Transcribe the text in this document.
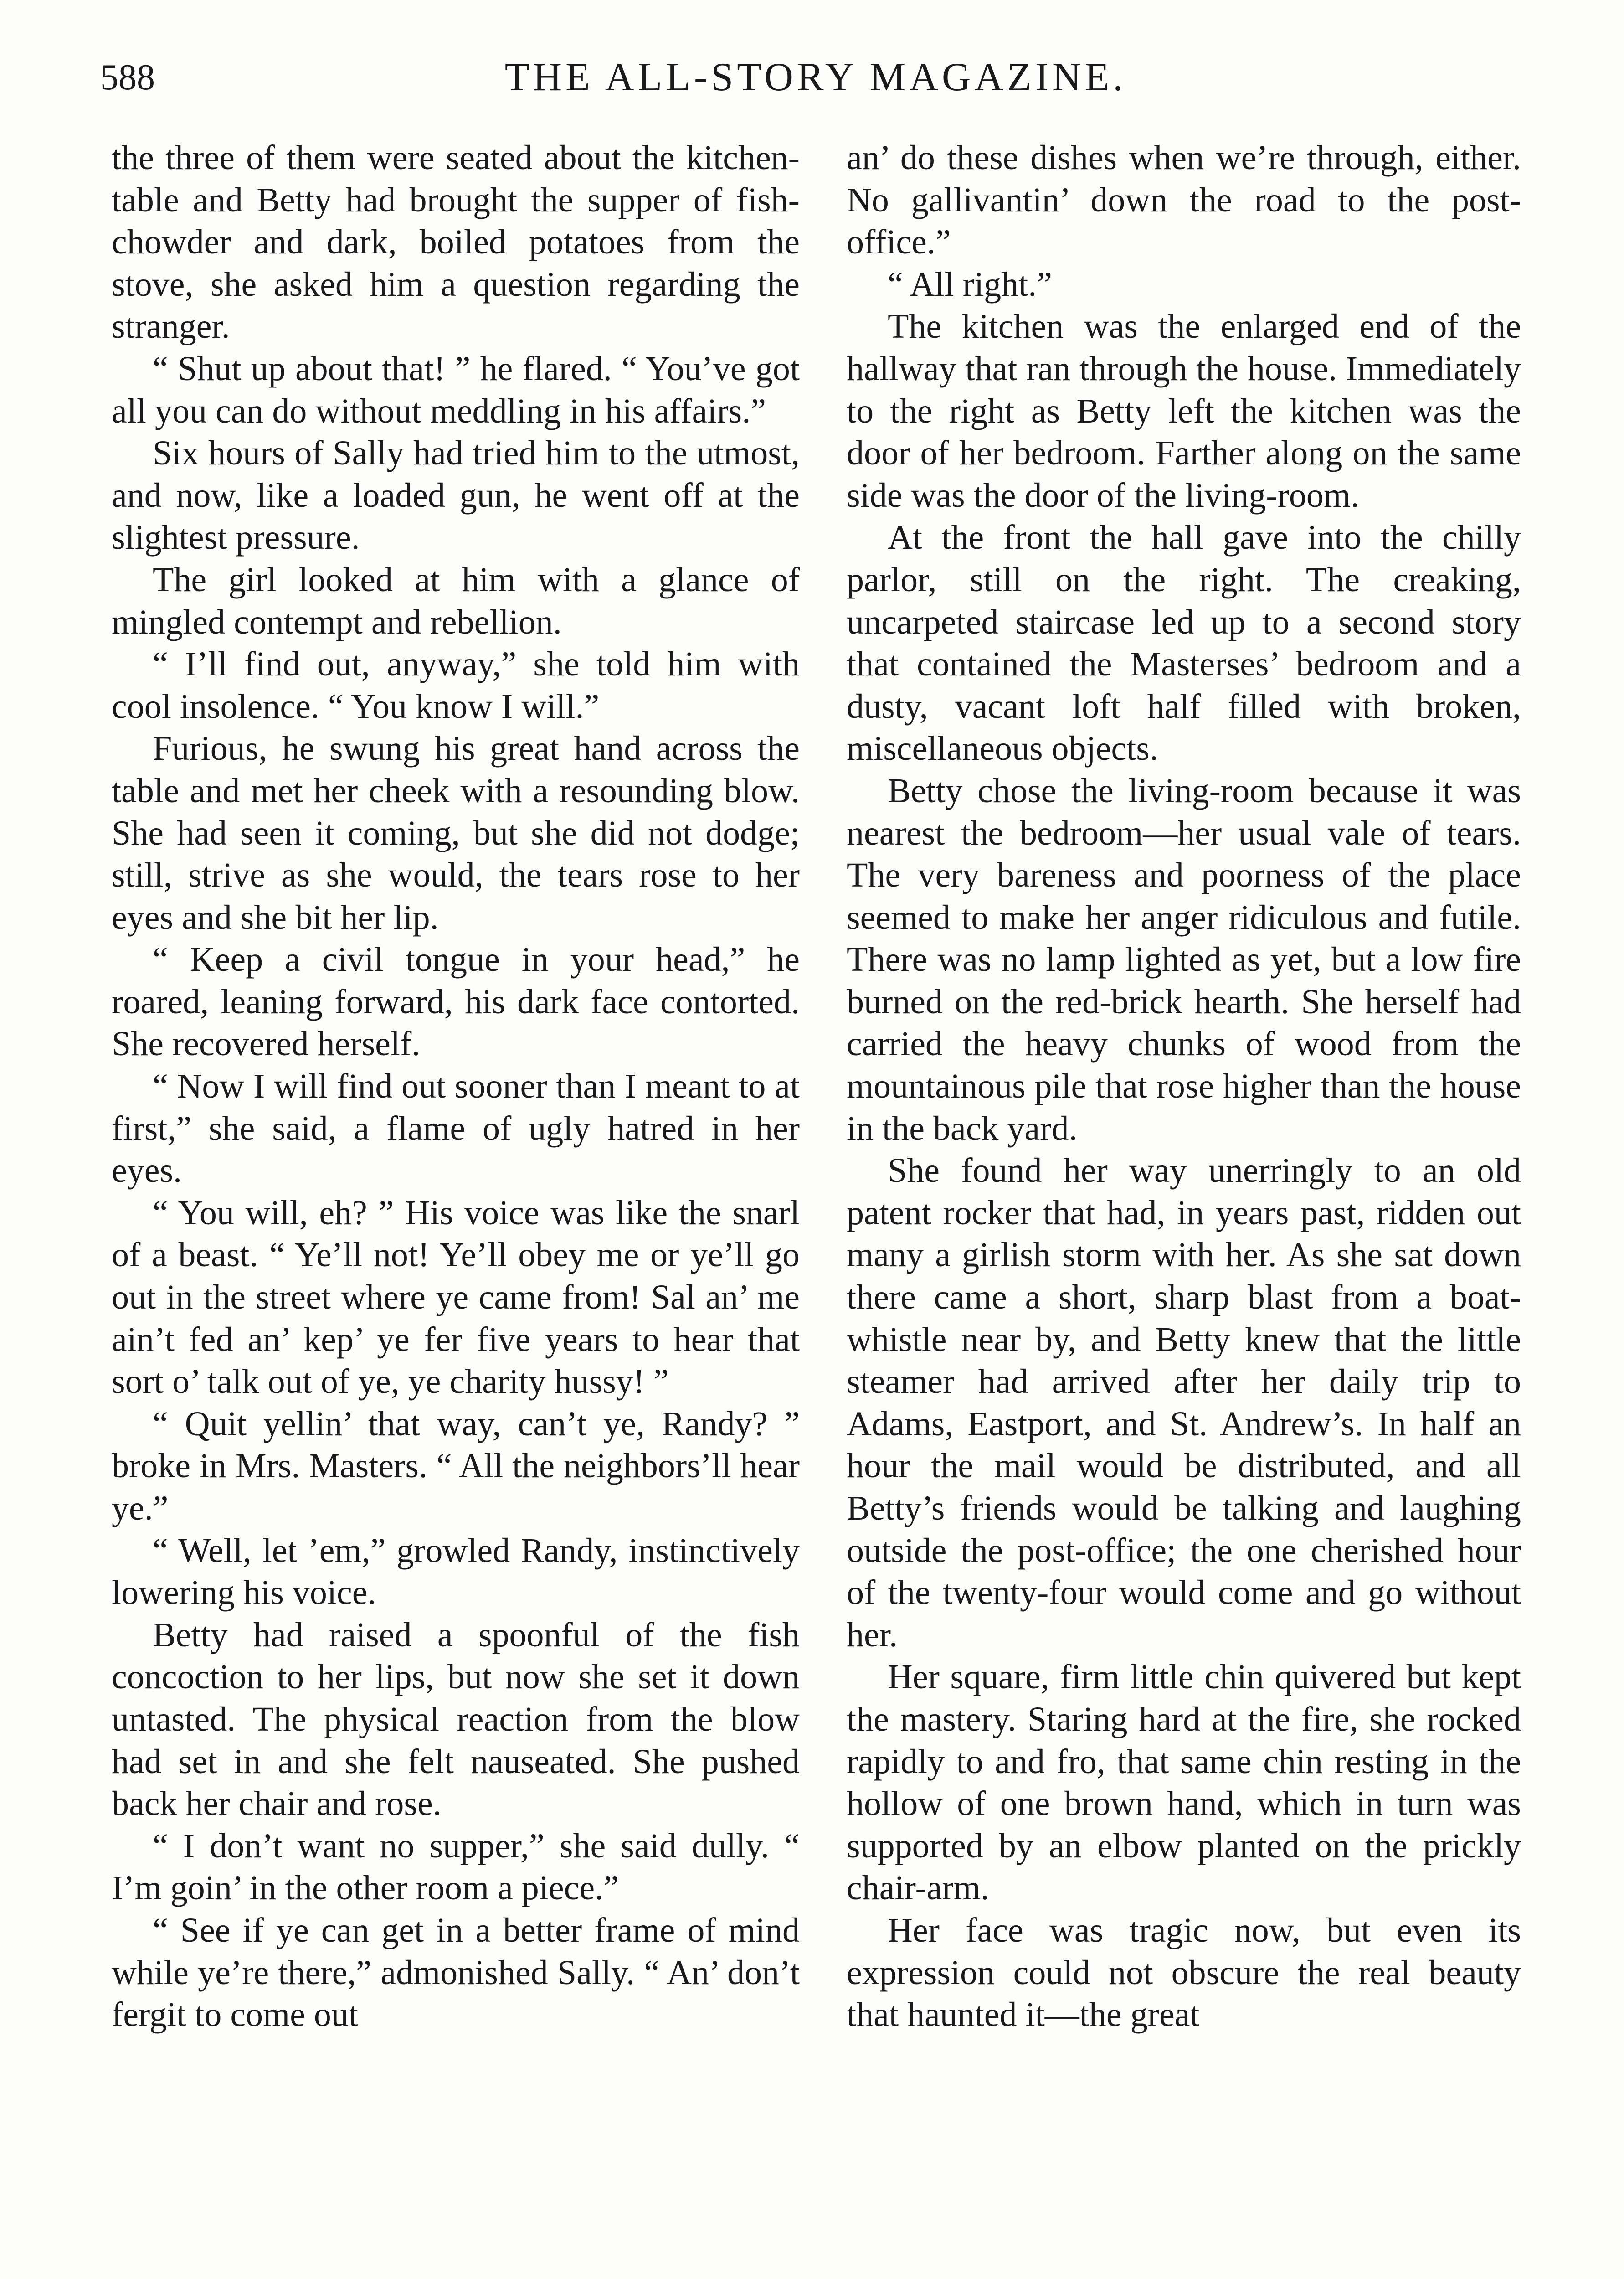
588	THE ALL-STORY MAGAZINE.

the three of them were seated about the kitchen-table and Betty had brought the supper of fish-chowder and dark, boiled potatoes from the stove, she asked him a question regarding the stranger.

“ Shut up about that! ” he flared. “ You’ve got all you can do without meddling in his affairs.”

Six hours of Sally had tried him to the utmost, and now, like a loaded gun, he went off at the slightest pressure.

The girl looked at him with a glance of mingled contempt and rebellion.

“ I’ll find out, anyway,” she told him with cool insolence. “ You know I will.”

Furious, he swung his great hand across the table and met her cheek with a resounding blow. She had seen it coming, but she did not dodge; still, strive as she would, the tears rose to her eyes and she bit her lip.

“ Keep a civil tongue in your head,” he roared, leaning forward, his dark face contorted. She recovered herself.

“ Now I will find out sooner than I meant to at first,” she said, a flame of ugly hatred in her eyes.

“ You will, eh? ” His voice was like the snarl of a beast. “ Ye’ll not! Ye’ll obey me or ye’ll go out in the street where ye came from! Sal an’ me ain’t fed an’ kep’ ye fer five years to hear that sort o’ talk out of ye, ye charity hussy! ”

“ Quit yellin’ that way, can’t ye, Randy? ” broke in Mrs. Masters. “ All the neighbors’ll hear ye.”

“ Well, let ’em,” growled Randy, instinctively lowering his voice.

Betty had raised a spoonful of the fish concoction to her lips, but now she set it down untasted. The physical reaction from the blow had set in and she felt nauseated. She pushed back her chair and rose.

“ I don’t want no supper,” she said dully. “ I’m goin’ in the other room a piece.”

“ See if ye can get in a better frame of mind while ye’re there,” admonished Sally. “ An’ don’t fergit to come out

an’ do these dishes when we’re through, either. No gallivantin’ down the road to the post-office.”

“ All right.”

The kitchen was the enlarged end of the hallway that ran through the house. Immediately to the right as Betty left the kitchen was the door of her bedroom. Farther along on the same side was the door of the living-room.

At the front the hall gave into the chilly parlor, still on the right. The creaking, uncarpeted staircase led up to a second story that contained the Masterses’ bedroom and a dusty, vacant loft half filled with broken, miscellaneous objects.

Betty chose the living-room because it was nearest the bedroom—her usual vale of tears. The very bareness and poorness of the place seemed to make her anger ridiculous and futile. There was no lamp lighted as yet, but a low fire burned on the red-brick hearth. She herself had carried the heavy chunks of wood from the mountainous pile that rose higher than the house in the back yard.

She found her way unerringly to an old patent rocker that had, in years past, ridden out many a girlish storm with her. As she sat down there came a short, sharp blast from a boat-whistle near by, and Betty knew that the little steamer had arrived after her daily trip to Adams, Eastport, and St. Andrew’s. In half an hour the mail would be distributed, and all Betty’s friends would be talking and laughing outside the post-office; the one cherished hour of the twenty-four would come and go without her.

Her square, firm little chin quivered but kept the mastery. Staring hard at the fire, she rocked rapidly to and fro, that same chin resting in the hollow of one brown hand, which in turn was supported by an elbow planted on the prickly chair-arm.

Her face was tragic now, but even its expression could not obscure the real beauty that haunted it—the great
